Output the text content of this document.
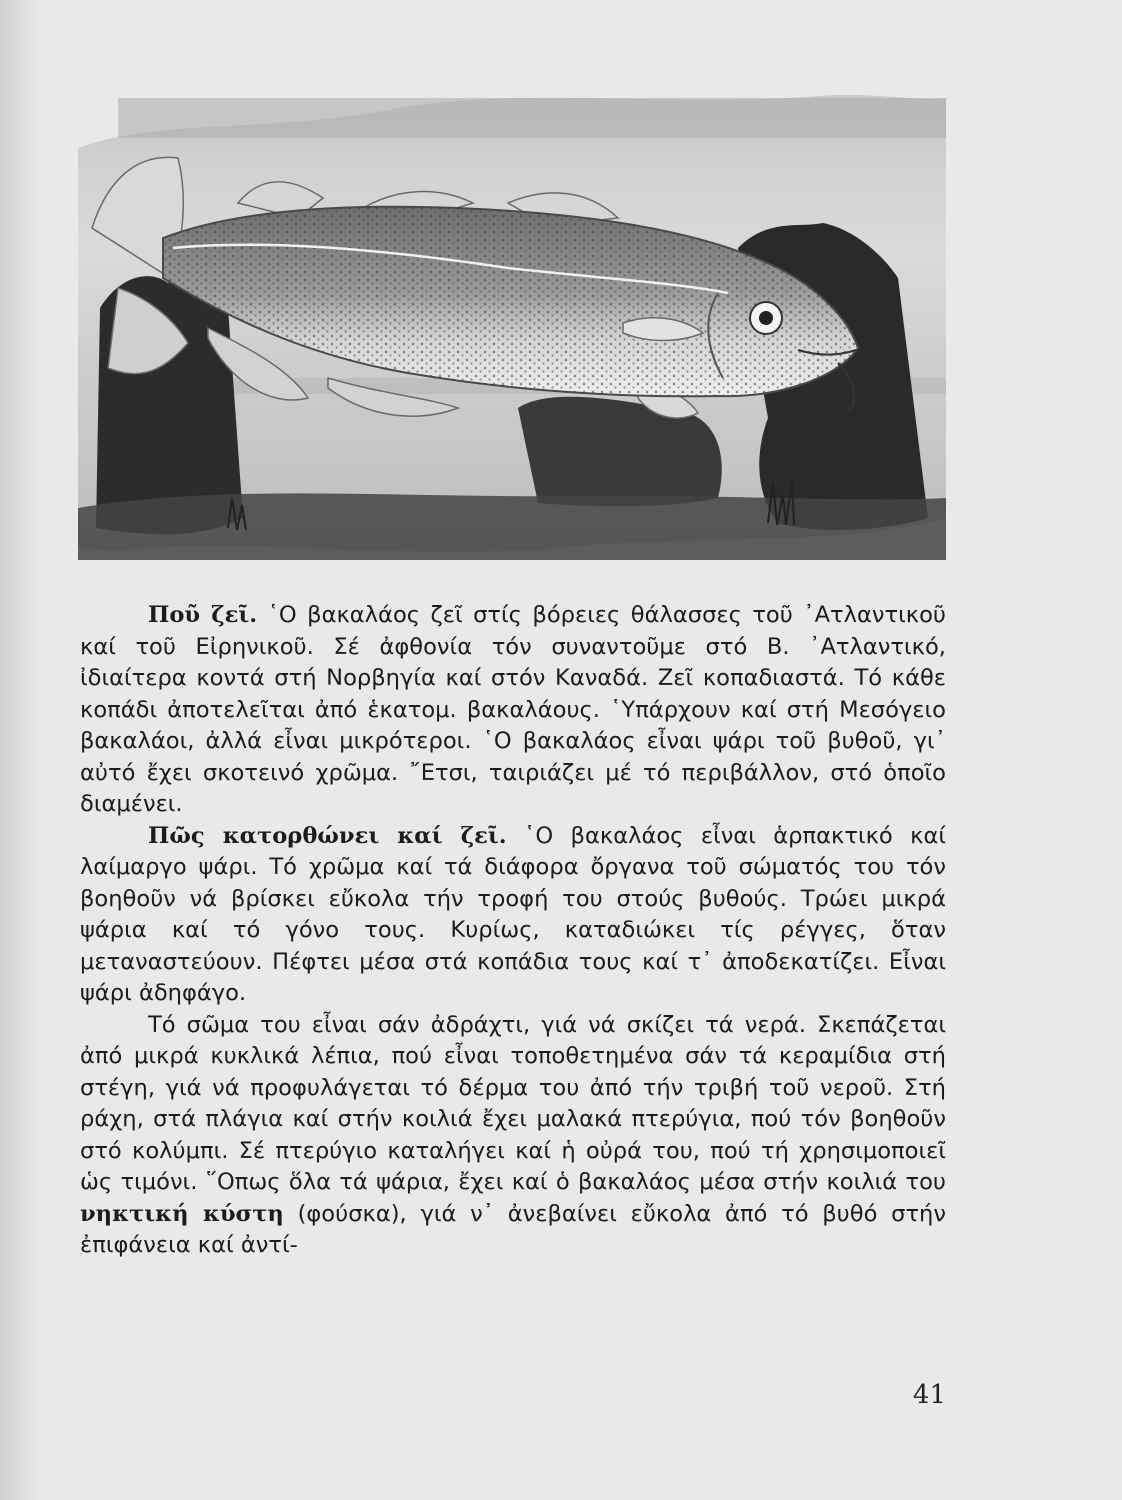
Ποῦ ζεῖ. ῾Ο βακαλάος ζεῖ στίς βόρειες θάλασσες τοῦ ᾿Ατλαντικοῦ καί τοῦ Εἰρηνικοῦ. Σέ ἀφθονία τόν συναντοῦμε στό Β. ᾿Ατλαντικό, ἰδιαίτερα κοντά στή Νορβηγία καί στόν Καναδά. Ζεῖ κοπαδιαστά. Τό κάθε κοπάδι ἀποτελεῖται ἀπό ἑκατομ. βακαλάους. ῾Υπάρχουν καί στή Μεσόγειο βακαλάοι, ἀλλά εἶναι μικρότεροι. ῾Ο βακαλάος εἶναι ψάρι τοῦ βυθοῦ, γι᾿ αὐτό ἔχει σκοτεινό χρῶμα. ῎Ετσι, ταιριάζει μέ τό περιβάλλον, στό ὁποῖο διαμένει.

Πῶς κατορθώνει καί ζεῖ. ῾Ο βακαλάος εἶναι ἁρπακτικό καί λαίμαργο ψάρι. Τό χρῶμα καί τά διάφορα ὄργανα τοῦ σώματός του τόν βοηθοῦν νά βρίσκει εὔκολα τήν τροφή του στούς βυθούς. Τρώει μικρά ψάρια καί τό γόνο τους. Κυρίως, καταδιώκει τίς ρέγγες, ὅταν μεταναστεύουν. Πέφτει μέσα στά κοπάδια τους καί τ᾿ ἀποδεκατίζει. Εἶναι ψάρι ἀδηφάγο.

Τό σῶμα του εἶναι σάν ἀδράχτι, γιά νά σκίζει τά νερά. Σκεπάζεται ἀπό μικρά κυκλικά λέπια, πού εἶναι τοποθετημένα σάν τά κεραμίδια στή στέγη, γιά νά προφυλάγεται τό δέρμα του ἀπό τήν τριβή τοῦ νεροῦ. Στή ράχη, στά πλάγια καί στήν κοιλιά ἔχει μαλακά πτερύγια, πού τόν βοηθοῦν στό κολύμπι. Σέ πτερύγιο καταλήγει καί ἡ οὐρά του, πού τή χρησιμοποιεῖ ὡς τιμόνι. ῞Οπως ὅλα τά ψάρια, ἔχει καί ὁ βακαλάος μέσα στήν κοιλιά του νηκτική κύστη (φούσκα), γιά ν᾿ ἀνεβαίνει εὔκολα ἀπό τό βυθό στήν ἐπιφάνεια καί ἀντί-

41
